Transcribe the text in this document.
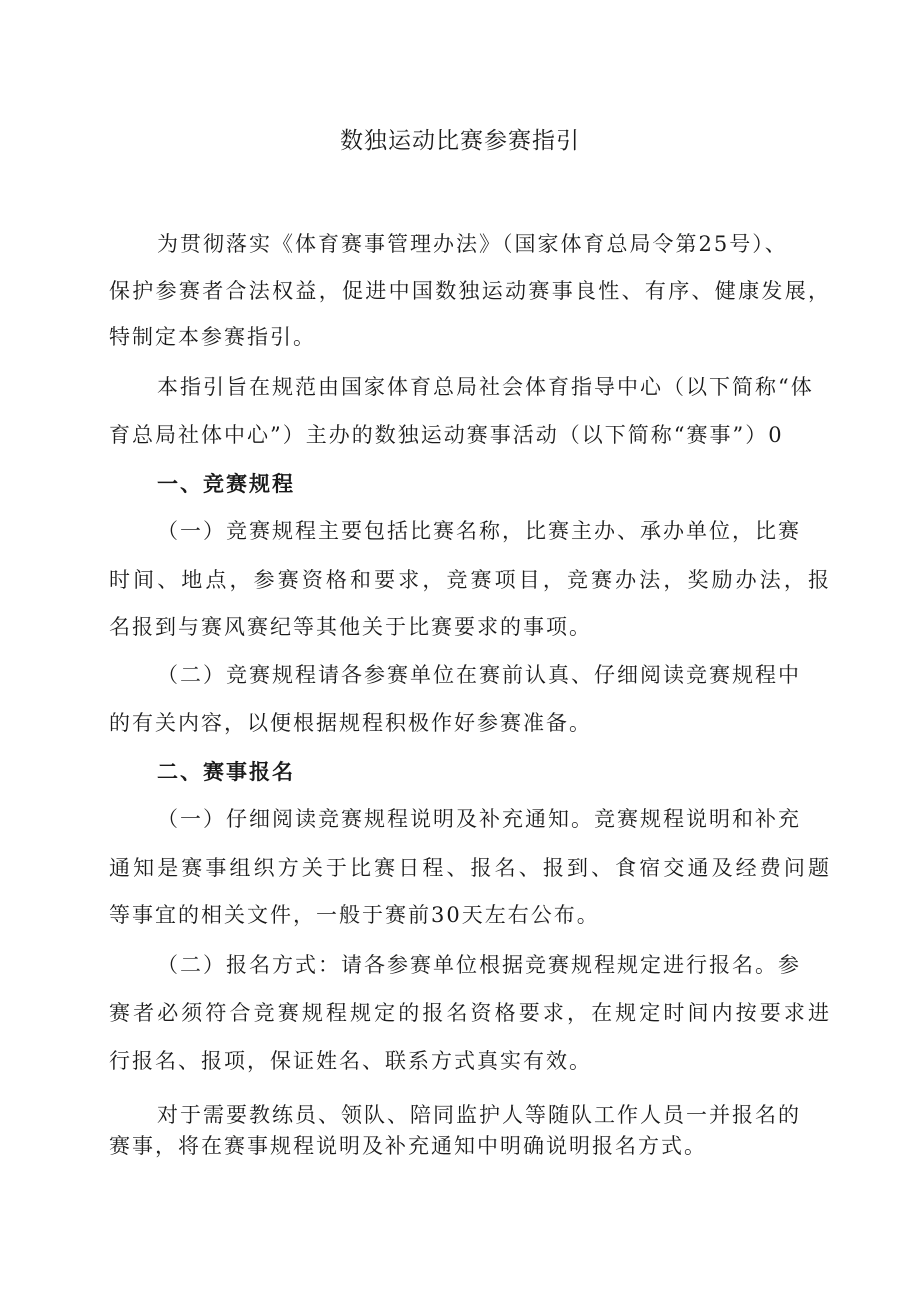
数独运动比赛参赛指引
为贯彻落实《体育赛事管理办法》（国家体育总局令第25号）、
保护参赛者合法权益，促进中国数独运动赛事良性、有序、健康发展，
特制定本参赛指引。
本指引旨在规范由国家体育总局社会体育指导中心（以下简称“体
育总局社体中心”）主办的数独运动赛事活动（以下简称“赛事”）0
一、竞赛规程
（一）竞赛规程主要包括比赛名称，比赛主办、承办单位，比赛
时间、地点，参赛资格和要求，竞赛项目，竞赛办法，奖励办法，报
名报到与赛风赛纪等其他关于比赛要求的事项。
（二）竞赛规程请各参赛单位在赛前认真、仔细阅读竞赛规程中
的有关内容，以便根据规程积极作好参赛准备。
二、赛事报名
（一）仔细阅读竞赛规程说明及补充通知。竞赛规程说明和补充
通知是赛事组织方关于比赛日程、报名、报到、食宿交通及经费问题
等事宜的相关文件，一般于赛前30天左右公布。
（二）报名方式：请各参赛单位根据竞赛规程规定进行报名。参
赛者必须符合竞赛规程规定的报名资格要求，在规定时间内按要求进
行报名、报项，保证姓名、联系方式真实有效。
对于需要教练员、领队、陪同监护人等随队工作人员一并报名的
赛事，将在赛事规程说明及补充通知中明确说明报名方式。
